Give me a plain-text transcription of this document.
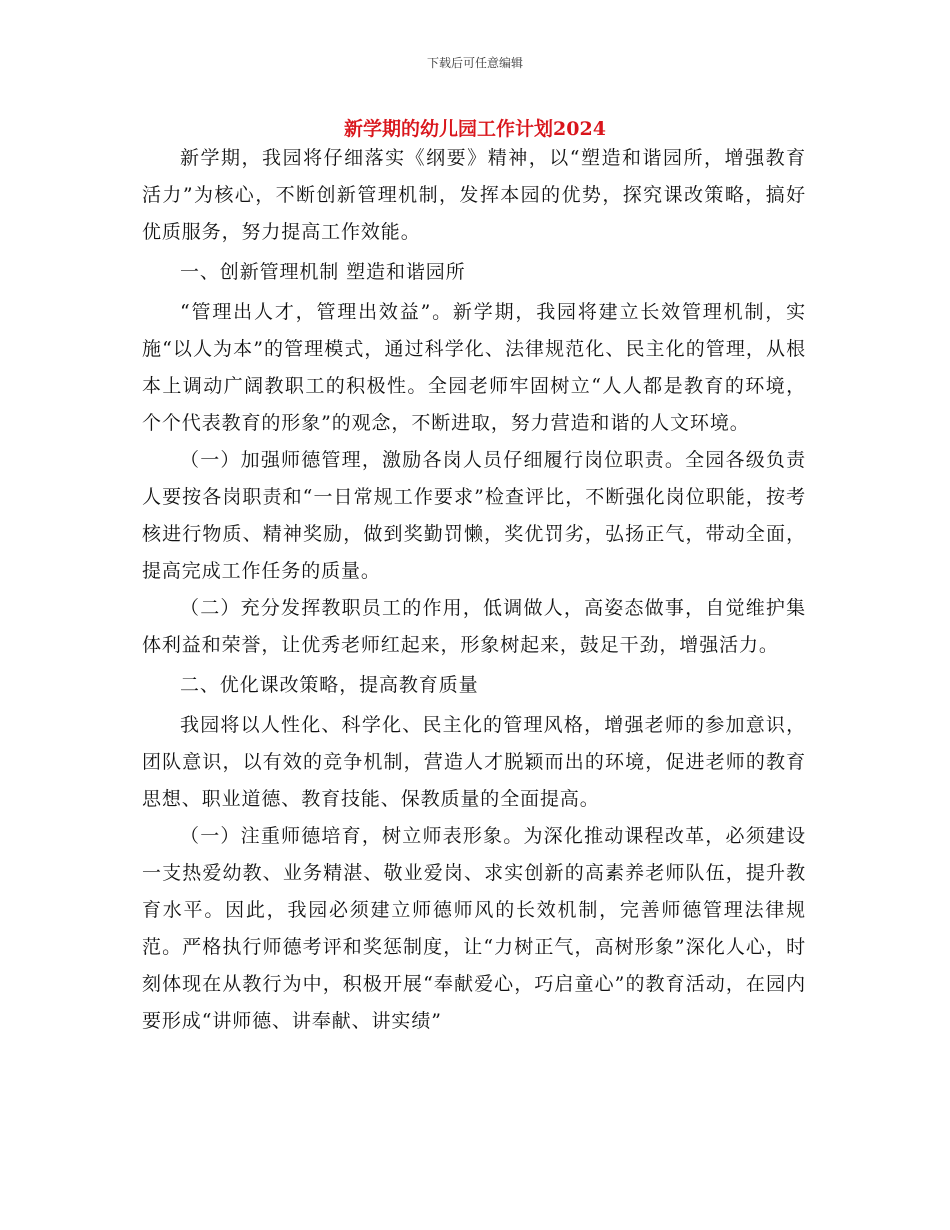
下载后可任意编辑
新学期的幼儿园工作计划2024

新学期，我园将仔细落实《纲要》精神，以“塑造和谐园所，增强教育活力”为核心，不断创新管理机制，发挥本园的优势，探究课改策略，搞好优质服务，努力提高工作效能。

一、创新管理机制 塑造和谐园所

“管理出人才，管理出效益”。新学期，我园将建立长效管理机制，实施“以人为本”的管理模式，通过科学化、法律规范化、民主化的管理，从根本上调动广阔教职工的积极性。全园老师牢固树立“人人都是教育的环境，个个代表教育的形象”的观念，不断进取，努力营造和谐的人文环境。

（一）加强师德管理，激励各岗人员仔细履行岗位职责。全园各级负责人要按各岗职责和“一日常规工作要求”检查评比，不断强化岗位职能，按考核进行物质、精神奖励，做到奖勤罚懒，奖优罚劣，弘扬正气，带动全面，提高完成工作任务的质量。

（二）充分发挥教职员工的作用，低调做人，高姿态做事，自觉维护集体利益和荣誉，让优秀老师红起来，形象树起来，鼓足干劲，增强活力。

二、优化课改策略，提高教育质量

我园将以人性化、科学化、民主化的管理风格，增强老师的参加意识，团队意识，以有效的竞争机制，营造人才脱颖而出的环境，促进老师的教育思想、职业道德、教育技能、保教质量的全面提高。

（一）注重师德培育，树立师表形象。为深化推动课程改革，必须建设一支热爱幼教、业务精湛、敬业爱岗、求实创新的高素养老师队伍，提升教育水平。因此，我园必须建立师德师风的长效机制，完善师德管理法律规范。严格执行师德考评和奖惩制度，让“力树正气，高树形象”深化人心，时刻体现在从教行为中，积极开展“奉献爱心，巧启童心”的教育活动，在园内要形成“讲师德、讲奉献、讲实绩”
